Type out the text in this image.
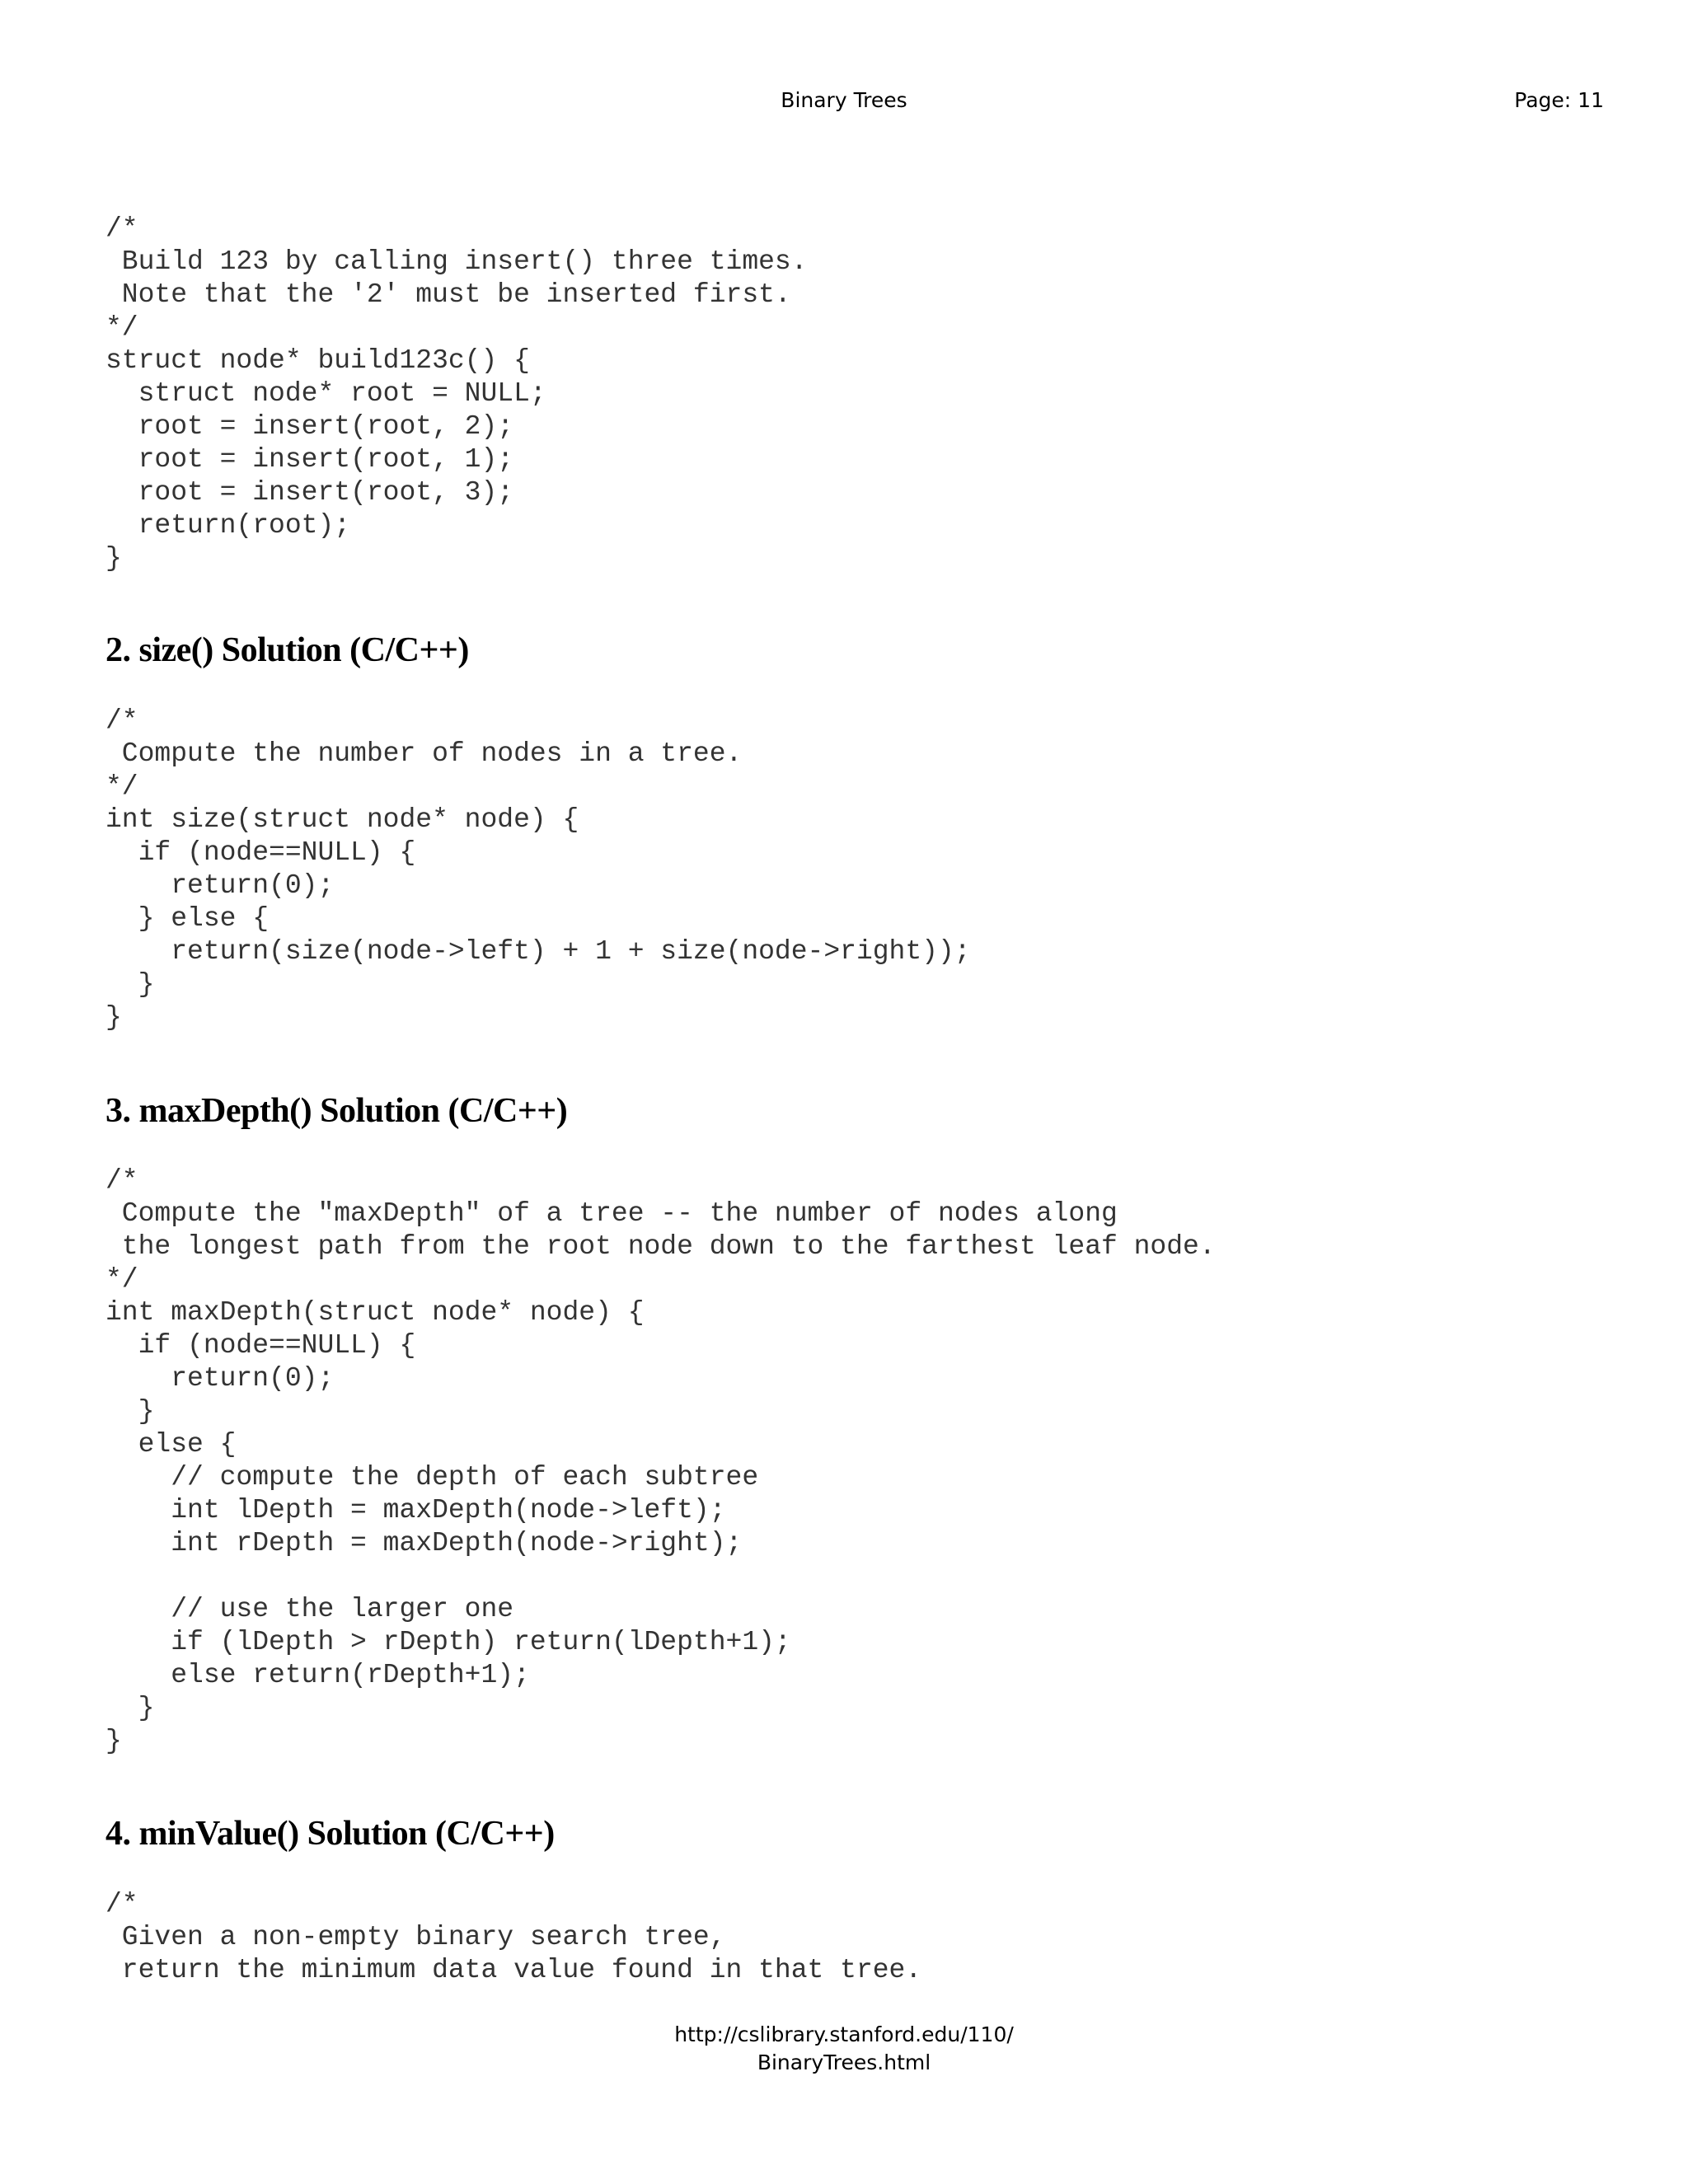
Binary Trees	Page: 11
/*
Build 123 by calling insert() three times.
Note that the '2' must be inserted first.
*/
struct node* build123c() {
struct node* root = NULL;
root = insert(root, 2);
root = insert(root, 1);
root = insert(root, 3);
return(root);
}
2. size() Solution (C/C++)
/*
Compute the number of nodes in a tree.
*/
int size(struct node* node) {
if (node==NULL) {
return(0);
} else {
return(size(node->left) + 1 + size(node->right));
}
}
3. maxDepth() Solution (C/C++)
/*
Compute the "maxDepth" of a tree -- the number of nodes along
the longest path from the root node down to the farthest leaf node.
*/
int maxDepth(struct node* node) {
if (node==NULL) {
return(0);
}
else {
// compute the depth of each subtree
int lDepth = maxDepth(node->left);
int rDepth = maxDepth(node->right);

// use the larger one
if (lDepth > rDepth) return(lDepth+1);
else return(rDepth+1);
}
}
4. minValue() Solution (C/C++)
/*
Given a non-empty binary search tree,
return the minimum data value found in that tree.
http://cslibrary.stanford.edu/110/
BinaryTrees.html
